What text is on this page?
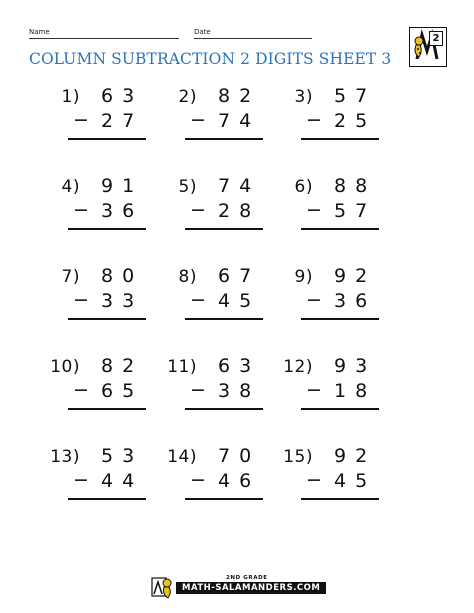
Name	Date
COLUMN SUBTRACTION 2 DIGITS SHEET 3
2
1) 63
− 27
2) 82
− 74
3) 57
− 25
4) 91
− 36
5) 74
− 28
6) 88
− 57
7) 80
− 33
8) 67
− 45
9) 92
− 36
10) 82
− 65
11) 63
− 38
12) 93
− 18
13) 53
− 44
14) 70
− 46
15) 92
− 45
2ND GRADE
MATH-SALAMANDERS.COM
